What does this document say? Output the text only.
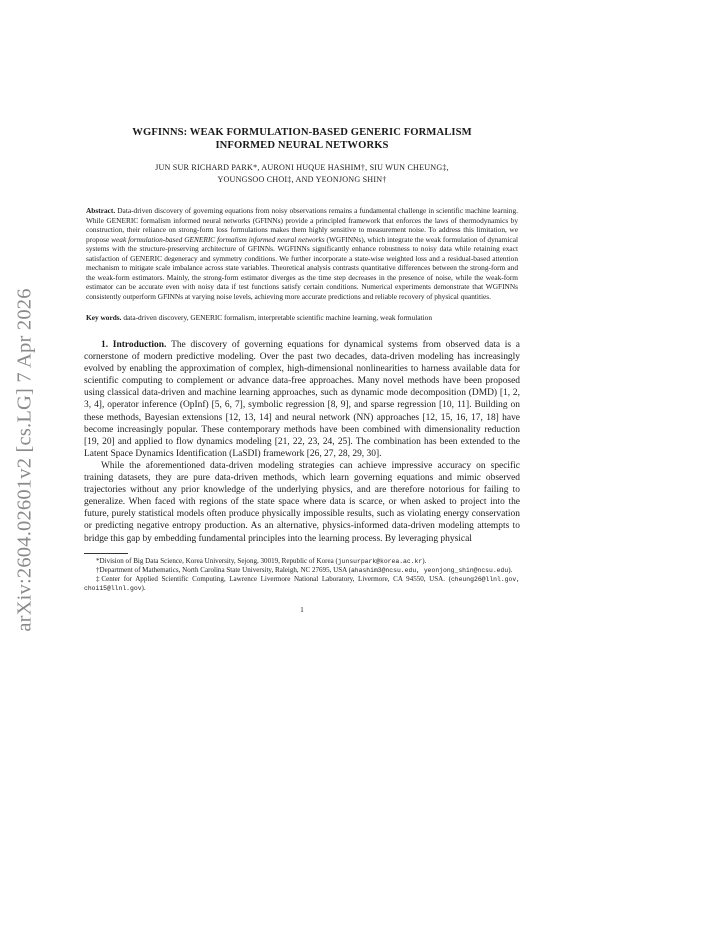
arXiv:2604.02601v2 [cs.LG] 7 Apr 2026
WGFINNS: WEAK FORMULATION-BASED GENERIC FORMALISM
INFORMED NEURAL NETWORKS
JUN SUR RICHARD PARK*, AURONI HUQUE HASHIM†, SIU WUN CHEUNG‡,
YOUNGSOO CHOI‡, AND YEONJONG SHIN†
Abstract. Data-driven discovery of governing equations from noisy observations remains a fundamental challenge in scientific machine learning. While GENERIC formalism informed neural networks (GFINNs) provide a principled framework that enforces the laws of thermodynamics by construction, their reliance on strong-form loss formulations makes them highly sensitive to measurement noise. To address this limitation, we propose weak formulation-based GENERIC formalism informed neural networks (WGFINNs), which integrate the weak formulation of dynamical systems with the structure-preserving architecture of GFINNs. WGFINNs significantly enhance robustness to noisy data while retaining exact satisfaction of GENERIC degeneracy and symmetry conditions. We further incorporate a state-wise weighted loss and a residual-based attention mechanism to mitigate scale imbalance across state variables. Theoretical analysis contrasts quantitative differences between the strong-form and the weak-form estimators. Mainly, the strong-form estimator diverges as the time step decreases in the presence of noise, while the weak-form estimator can be accurate even with noisy data if test functions satisfy certain conditions. Numerical experiments demonstrate that WGFINNs consistently outperform GFINNs at varying noise levels, achieving more accurate predictions and reliable recovery of physical quantities.
Key words. data-driven discovery, GENERIC formalism, interpretable scientific machine learning, weak formulation

1. Introduction. The discovery of governing equations for dynamical systems from observed data is a cornerstone of modern predictive modeling. Over the past two decades, data-driven modeling has increasingly evolved by enabling the approximation of complex, high-dimensional nonlinearities to harness available data for scientific computing to complement or advance data-free approaches. Many novel methods have been proposed using classical data-driven and machine learning approaches, such as dynamic mode decomposition (DMD) [1, 2, 3, 4], operator inference (OpInf) [5, 6, 7], symbolic regression [8, 9], and sparse regression [10, 11]. Building on these methods, Bayesian extensions [12, 13, 14] and neural network (NN) approaches [12, 15, 16, 17, 18] have become increasingly popular. These contemporary methods have been combined with dimensionality reduction [19, 20] and applied to flow dynamics modeling [21, 22, 23, 24, 25]. The combination has been extended to the Latent Space Dynamics Identification (LaSDI) framework [26, 27, 28, 29, 30].

While the aforementioned data-driven modeling strategies can achieve impressive accuracy on specific training datasets, they are pure data-driven methods, which learn governing equations and mimic observed trajectories without any prior knowledge of the underlying physics, and are therefore notorious for failing to generalize. When faced with regions of the state space where data is scarce, or when asked to project into the future, purely statistical models often produce physically impossible results, such as violating energy conservation or predicting negative entropy production. As an alternative, physics-informed data-driven modeling attempts to bridge this gap by embedding fundamental principles into the learning process. By leveraging physical

*Division of Big Data Science, Korea University, Sejong, 30019, Republic of Korea (junsurpark@korea.ac.kr).

†Department of Mathematics, North Carolina State University, Raleigh, NC 27695, USA (ahashim3@ncsu.edu, yeonjong_shin@ncsu.edu).

‡Center for Applied Scientific Computing, Lawrence Livermore National Laboratory, Livermore, CA 94550, USA. (cheung26@llnl.gov, choi15@llnl.gov).

1
